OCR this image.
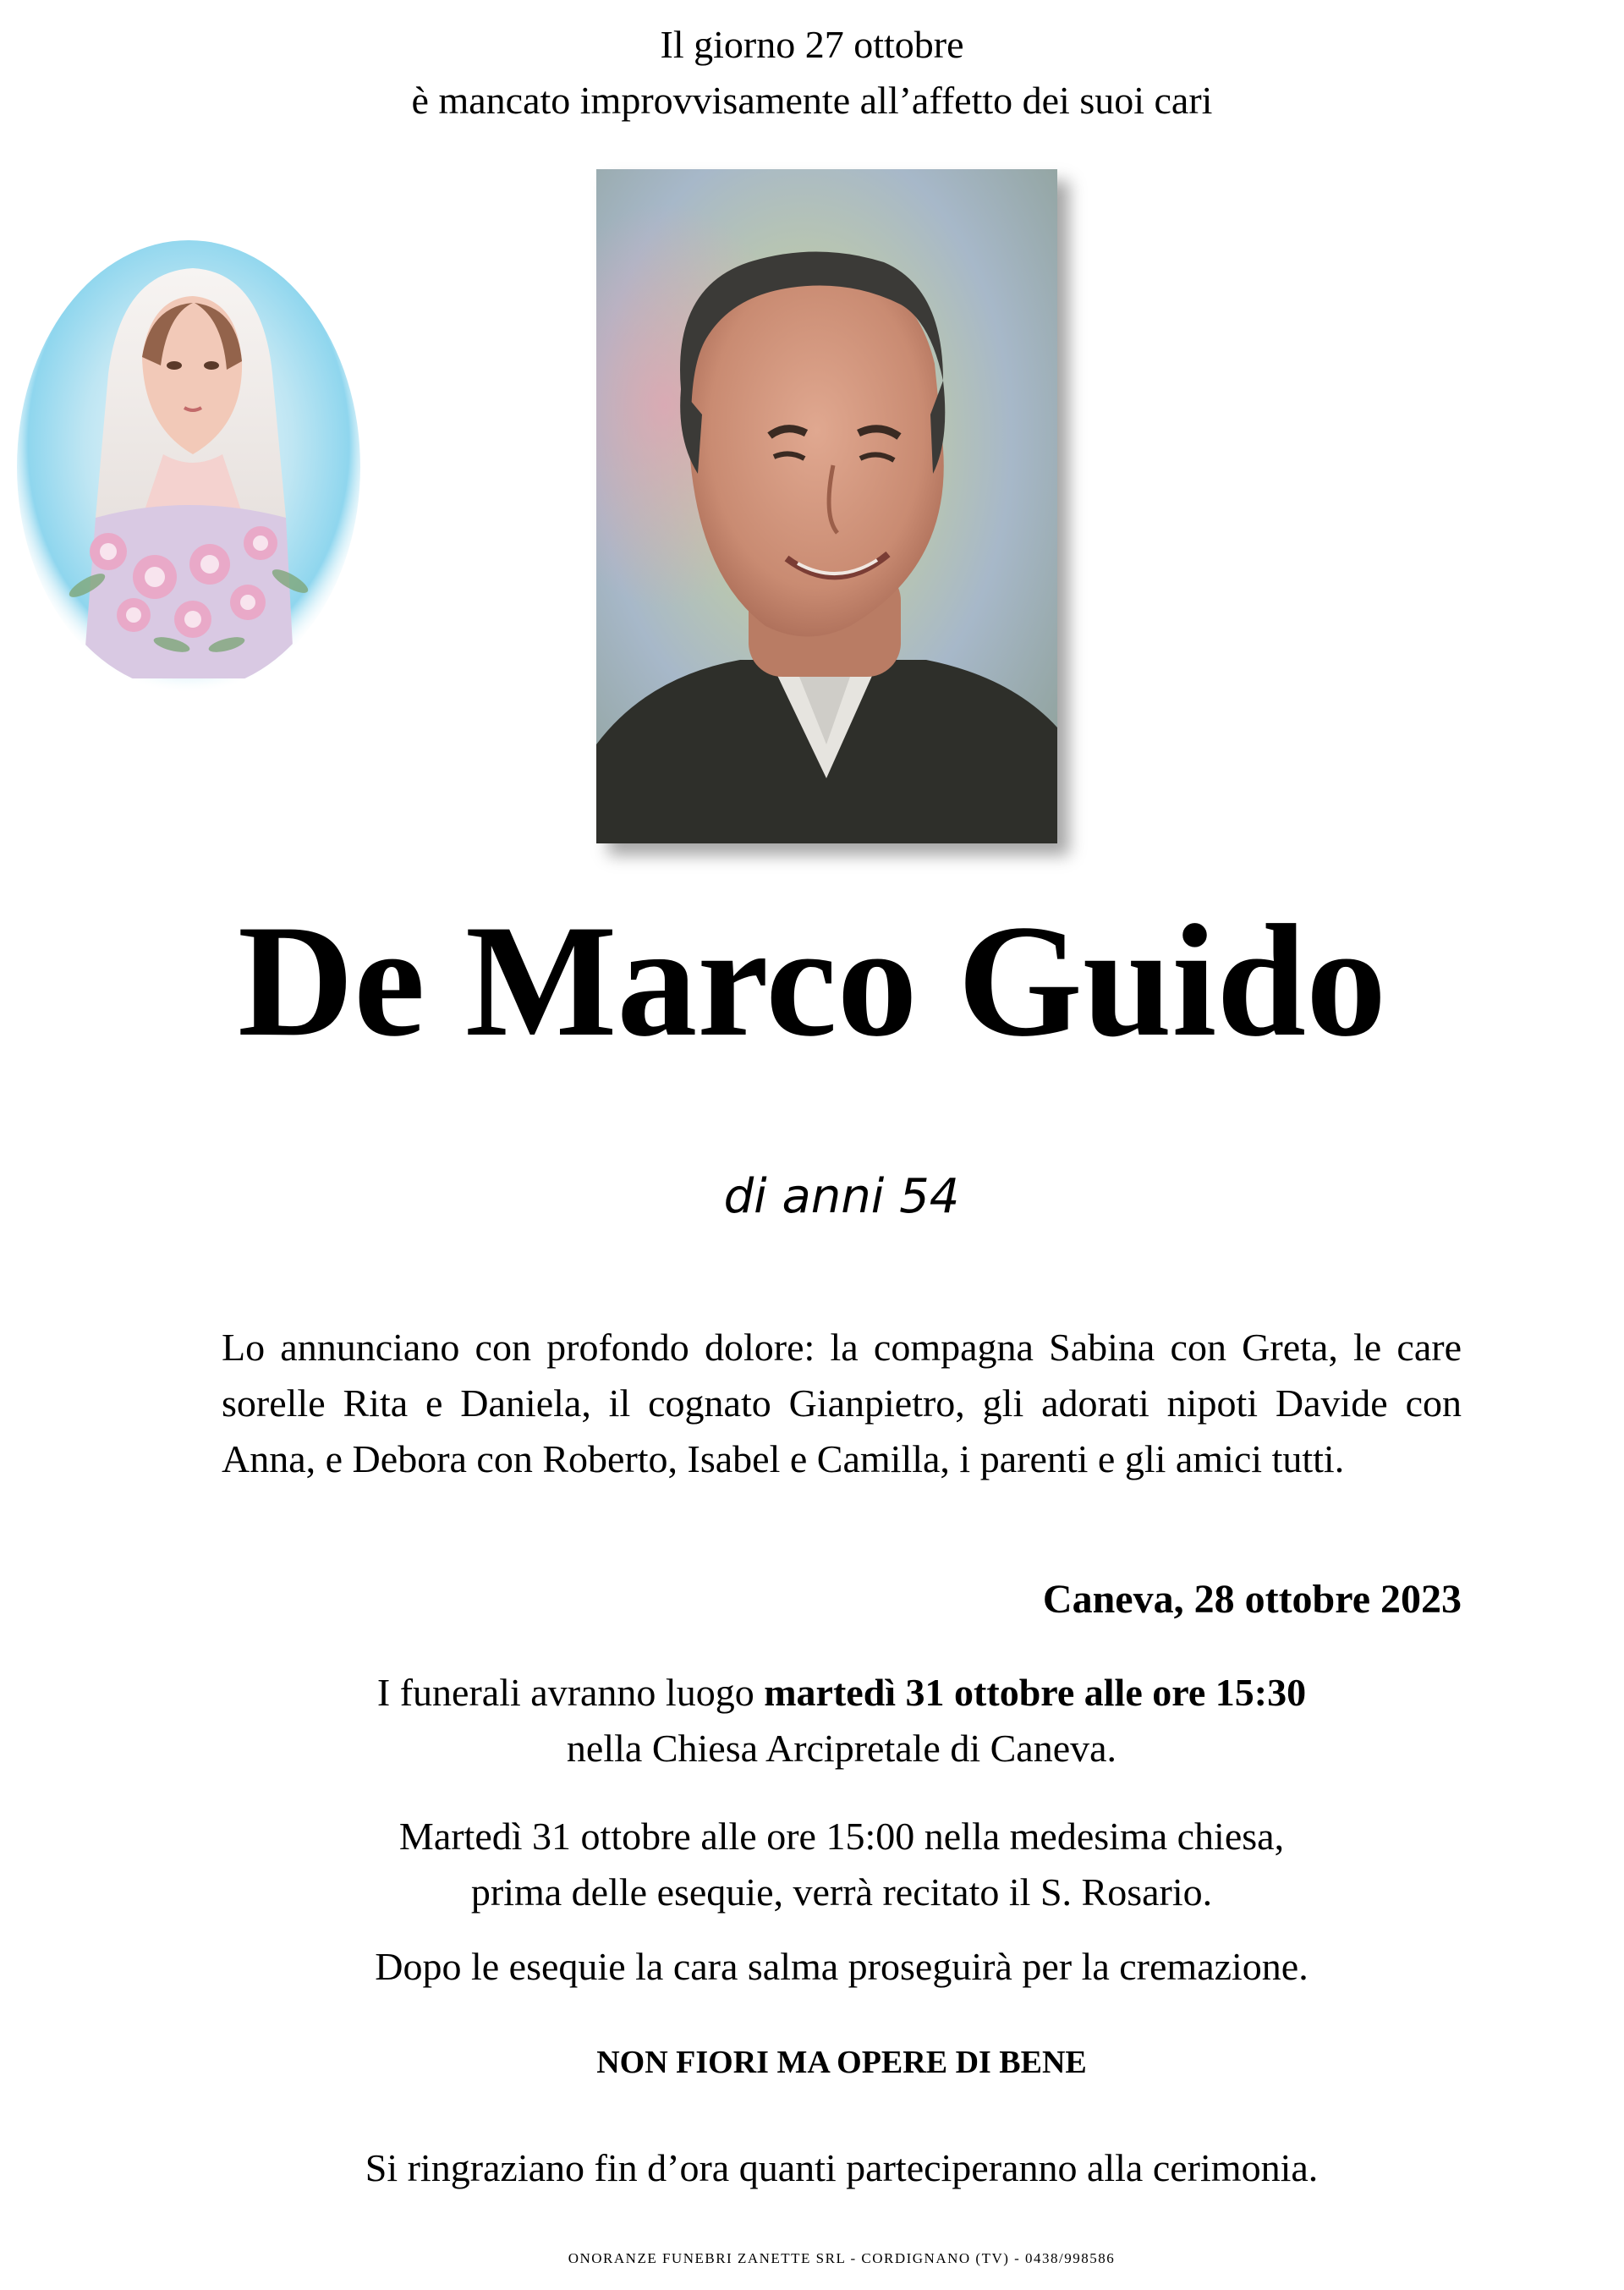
Il giorno 27 ottobre
è mancato improvvisamente all’affetto dei suoi cari
De Marco Guido
di anni 54
Lo annunciano con profondo dolore: la compagna Sabina con Greta, le care sorelle Rita e Daniela, il cognato Gianpietro, gli adorati nipoti Davide con Anna, e Debora con Roberto, Isabel e Camilla, i parenti e gli amici tutti.
Caneva, 28 ottobre 2023
I funerali avranno luogo martedì 31 ottobre alle ore 15:30
nella Chiesa Arcipretale di Caneva.
Martedì 31 ottobre alle ore 15:00 nella medesima chiesa,
prima delle esequie, verrà recitato il S. Rosario.
Dopo le esequie la cara salma proseguirà per la cremazione.
NON FIORI MA OPERE DI BENE
Si ringraziano fin d’ora quanti parteciperanno alla cerimonia.
ONORANZE FUNEBRI ZANETTE SRL - CORDIGNANO (TV) - 0438/998586
